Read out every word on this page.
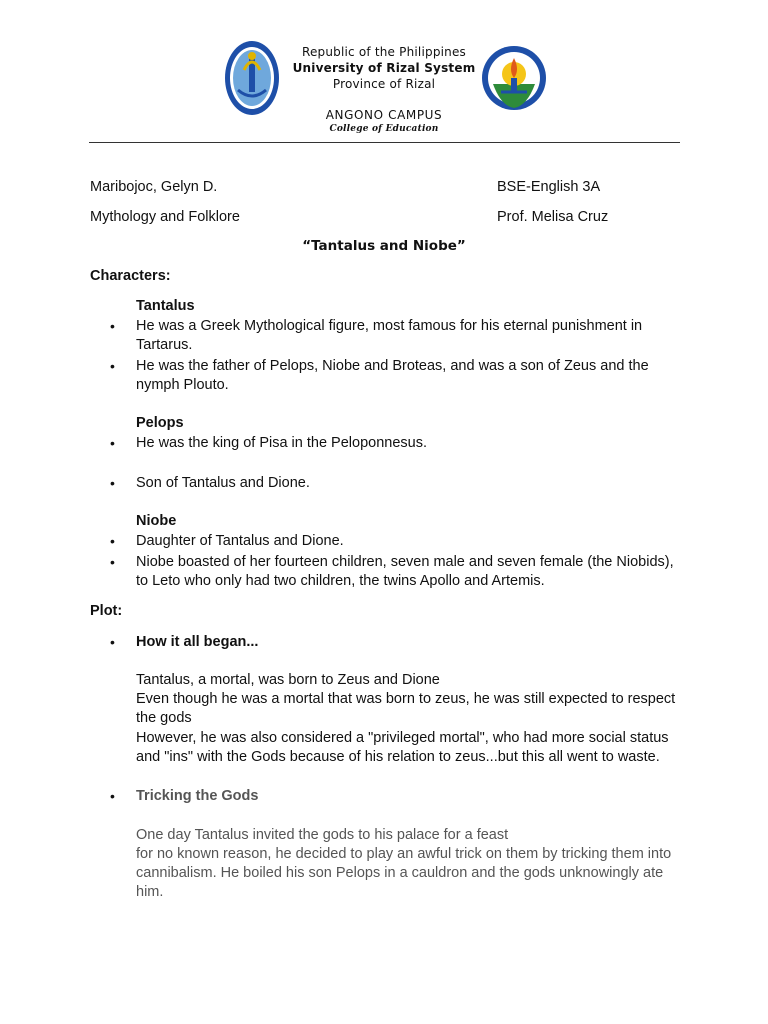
Republic of the Philippines
University of Rizal System
Province of Rizal
ANGONO CAMPUS
College of Education
Maribojoc, Gelyn D.	BSE-English 3A
Mythology and Folklore	Prof. Melisa Cruz
“Tantalus and Niobe”
Characters:
Tantalus
•	He was a Greek Mythological figure, most famous for his eternal punishment in Tartarus.
•	He was the father of Pelops, Niobe and Broteas, and was a son of Zeus and the nymph Plouto.
Pelops
•	He was the king of Pisa in the Peloponnesus.
•	Son of Tantalus and Dione.
Niobe
•	Daughter of Tantalus and Dione.
•	Niobe boasted of her fourteen children, seven male and seven female (the Niobids), to Leto who only had two children, the twins Apollo and Artemis.
Plot:
•	How it all began...
Tantalus, a mortal, was born to Zeus and Dione
Even though he was a mortal that was born to zeus, he was still expected to respect the gods
However, he was also considered a "privileged mortal", who had more social status and "ins" with the Gods because of his relation to zeus...but this all went to waste.
•	Tricking the Gods
One day Tantalus invited the gods to his palace for a feast
for no known reason, he decided to play an awful trick on them by tricking them into cannibalism. He boiled his son Pelops in a cauldron and the gods unknowingly ate him.
